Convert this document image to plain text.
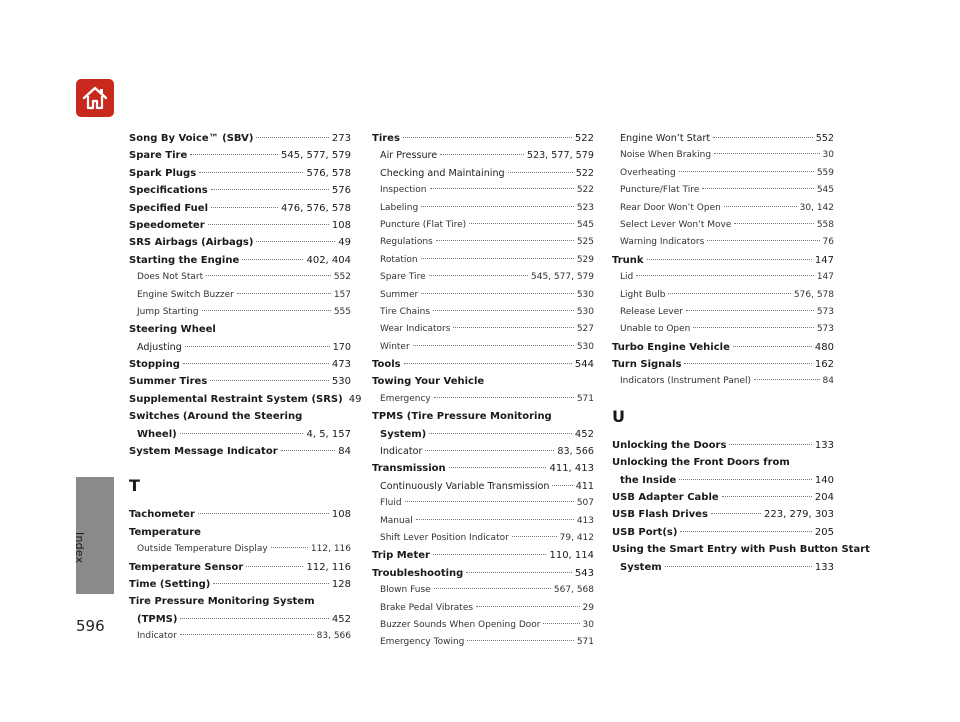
Index
596
Song By Voice™ (SBV)	273
Spare Tire	545, 577, 579
Spark Plugs	576, 578
Specifications	576
Specified Fuel	476, 576, 578
Speedometer	108
SRS Airbags (Airbags)	49
Starting the Engine	402, 404
Does Not Start	552
Engine Switch Buzzer	157
Jump Starting	555
Steering Wheel
Adjusting	170
Stopping	473
Summer Tires	530
Supplemental Restraint System (SRS) 49
Switches (Around the Steering
Wheel)	4, 5, 157
System Message Indicator	84
T
Tachometer	108
Temperature
Outside Temperature Display	112, 116
Temperature Sensor	112, 116
Time (Setting)	128
Tire Pressure Monitoring System
(TPMS)	452
Indicator	83, 566
Tires	522
Air Pressure	523, 577, 579
Checking and Maintaining	522
Inspection	522
Labeling	523
Puncture (Flat Tire)	545
Regulations	525
Rotation	529
Spare Tire	545, 577, 579
Summer	530
Tire Chains	530
Wear Indicators	527
Winter	530
Tools	544
Towing Your Vehicle
Emergency	571
TPMS (Tire Pressure Monitoring
System)	452
Indicator	83, 566
Transmission	411, 413
Continuously Variable Transmission	411
Fluid	507
Manual	413
Shift Lever Position Indicator	79, 412
Trip Meter	110, 114
Troubleshooting	543
Blown Fuse	567, 568
Brake Pedal Vibrates	29
Buzzer Sounds When Opening Door	30
Emergency Towing	571
Engine Won’t Start	552
Noise When Braking	30
Overheating	559
Puncture/Flat Tire	545
Rear Door Won’t Open	30, 142
Select Lever Won’t Move	558
Warning Indicators	76
Trunk	147
Lid	147
Light Bulb	576, 578
Release Lever	573
Unable to Open	573
Turbo Engine Vehicle	480
Turn Signals	162
Indicators (Instrument Panel)	84
U
Unlocking the Doors	133
Unlocking the Front Doors from
the Inside	140
USB Adapter Cable	204
USB Flash Drives	223, 279, 303
USB Port(s)	205
Using the Smart Entry with Push Button Start
System	133
